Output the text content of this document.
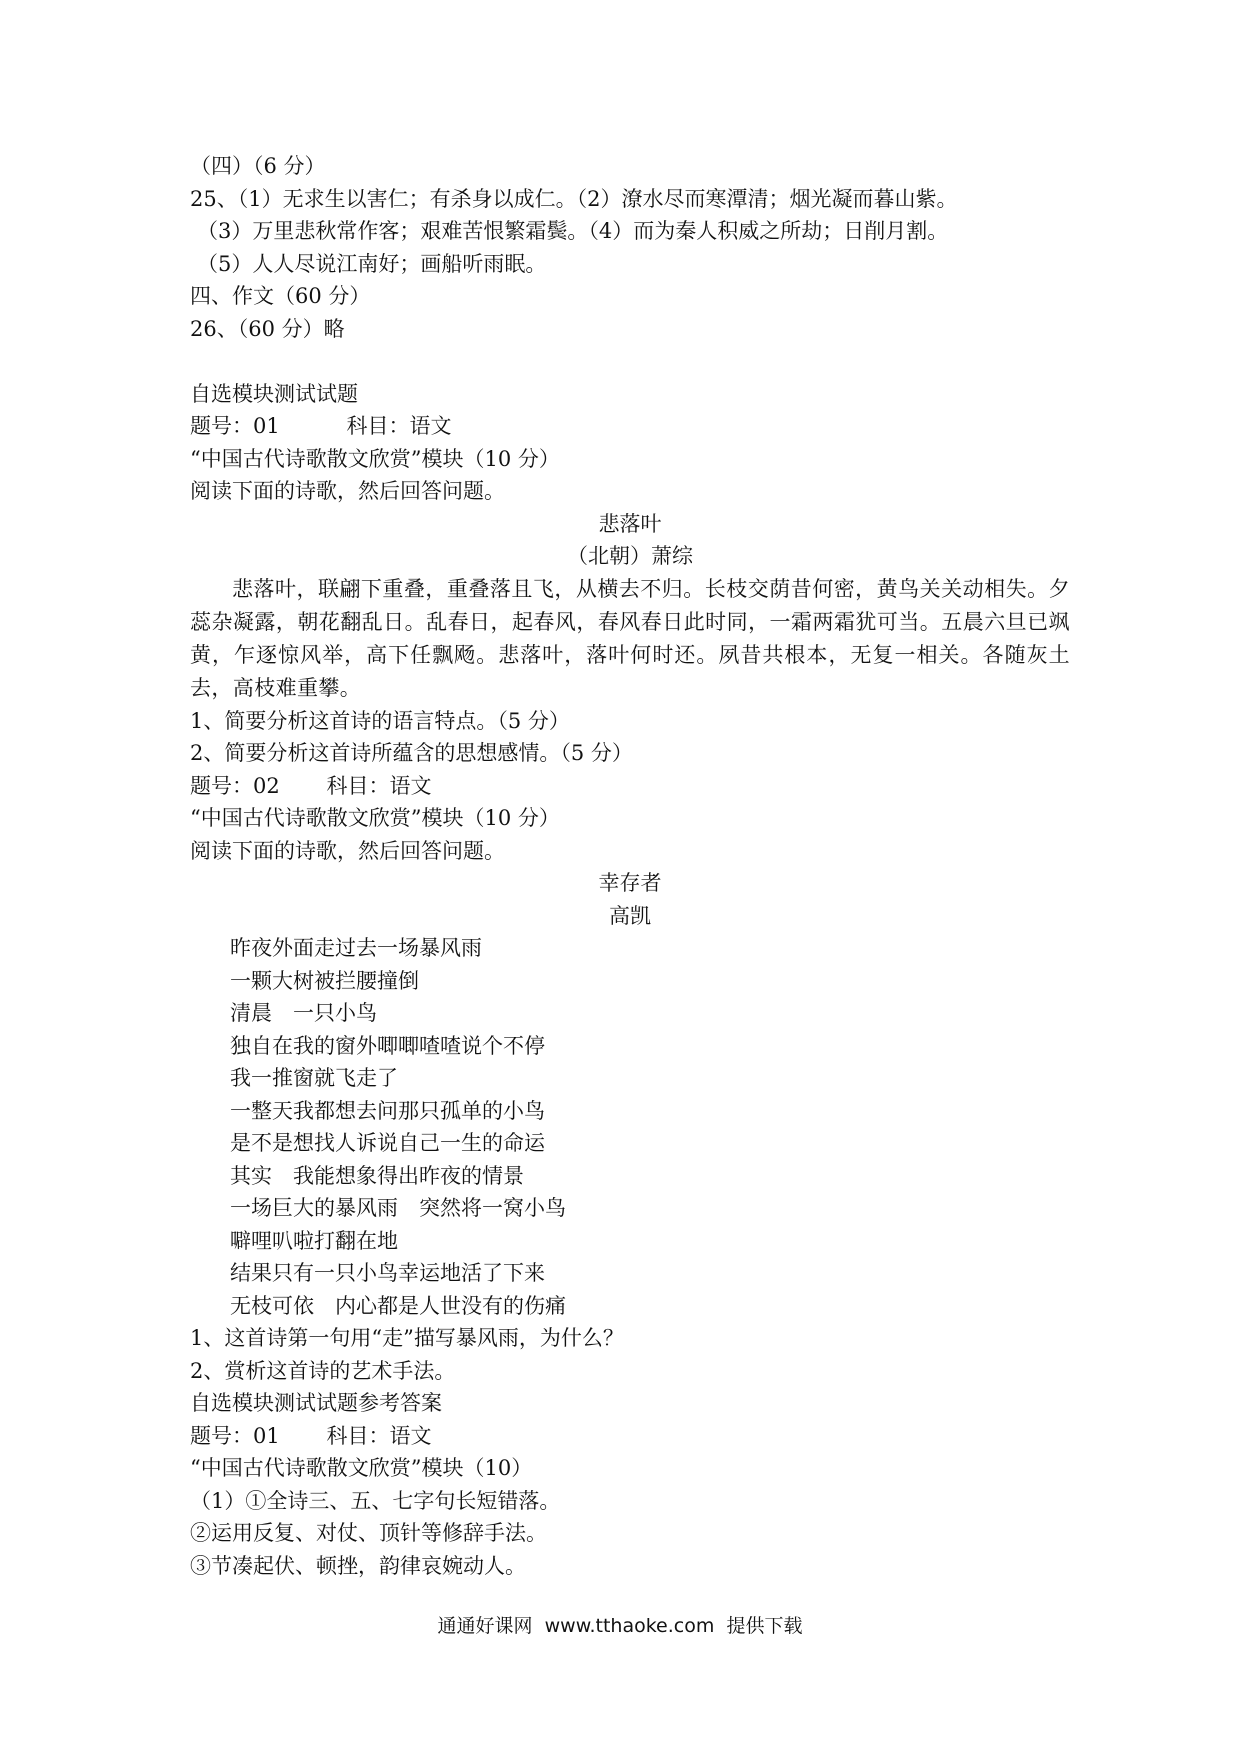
（四）（6 分）
25、（1）无求生以害仁；有杀身以成仁。（2）潦水尽而寒潭清；烟光凝而暮山紫。
（3）万里悲秋常作客；艰难苦恨繁霜鬓。（4）而为秦人积威之所劫；日削月割。
（5）人人尽说江南好；画船听雨眠。
四、作文（60 分）
26、（60 分）略
自选模块测试试题
题号：01          科目：语文
“中国古代诗歌散文欣赏”模块（10 分）
阅读下面的诗歌，然后回答问题。
悲落叶
（北朝）萧综

悲落叶，联翩下重叠，重叠落且飞，从横去不归。长枝交荫昔何密，黄鸟关关动相失。夕蕊杂凝露，朝花翻乱日。乱春日，起春风，春风春日此时同，一霜两霜犹可当。五晨六旦已飒黄，乍逐惊风举，高下任飘飏。悲落叶，落叶何时还。夙昔共根本，无复一相关。各随灰土去，高枝难重攀。

1、简要分析这首诗的语言特点。（5 分）
2、简要分析这首诗所蕴含的思想感情。（5 分）
题号：02       科目：语文
“中国古代诗歌散文欣赏”模块（10 分）
阅读下面的诗歌，然后回答问题。
幸存者
高凯
昨夜外面走过去一场暴风雨
一颗大树被拦腰撞倒
清晨　一只小鸟
独自在我的窗外唧唧喳喳说个不停
我一推窗就飞走了
一整天我都想去问那只孤单的小鸟
是不是想找人诉说自己一生的命运
其实　我能想象得出昨夜的情景
一场巨大的暴风雨　突然将一窝小鸟
噼哩叭啦打翻在地
结果只有一只小鸟幸运地活了下来
无枝可依　内心都是人世没有的伤痛
1、这首诗第一句用“走”描写暴风雨，为什么？
2、赏析这首诗的艺术手法。
自选模块测试试题参考答案
题号：01       科目：语文
“中国古代诗歌散文欣赏”模块（10）
（1）①全诗三、五、七字句长短错落。
②运用反复、对仗、顶针等修辞手法。
③节凑起伏、顿挫，韵律哀婉动人。
通通好课网  www.tthaoke.com  提供下载
